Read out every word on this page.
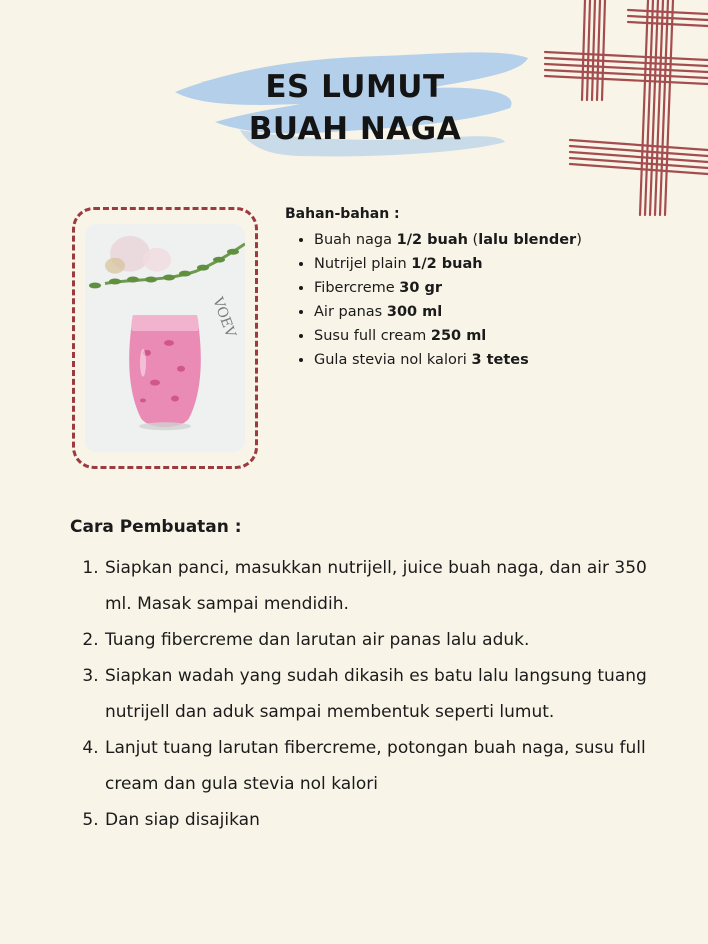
ES LUMUT
BUAH NAGA
VOEV
Bahan-bahan :
• Buah naga 1/2 buah (lalu blender)
• Nutrijel plain 1/2 buah
• Fibercreme 30 gr
• Air panas 300 ml
• Susu full cream 250 ml
• Gula stevia nol kalori 3 tetes
Cara Pembuatan :
1. Siapkan panci, masukkan nutrijell, juice buah naga, dan air 350 ml. Masak sampai mendidih.
2. Tuang fibercreme dan larutan air panas lalu aduk.
3. Siapkan wadah yang sudah dikasih es batu lalu langsung tuang nutrijell dan aduk sampai membentuk seperti lumut.
4. Lanjut tuang larutan fibercreme, potongan buah naga, susu full cream dan gula stevia nol kalori
5. Dan siap disajikan
